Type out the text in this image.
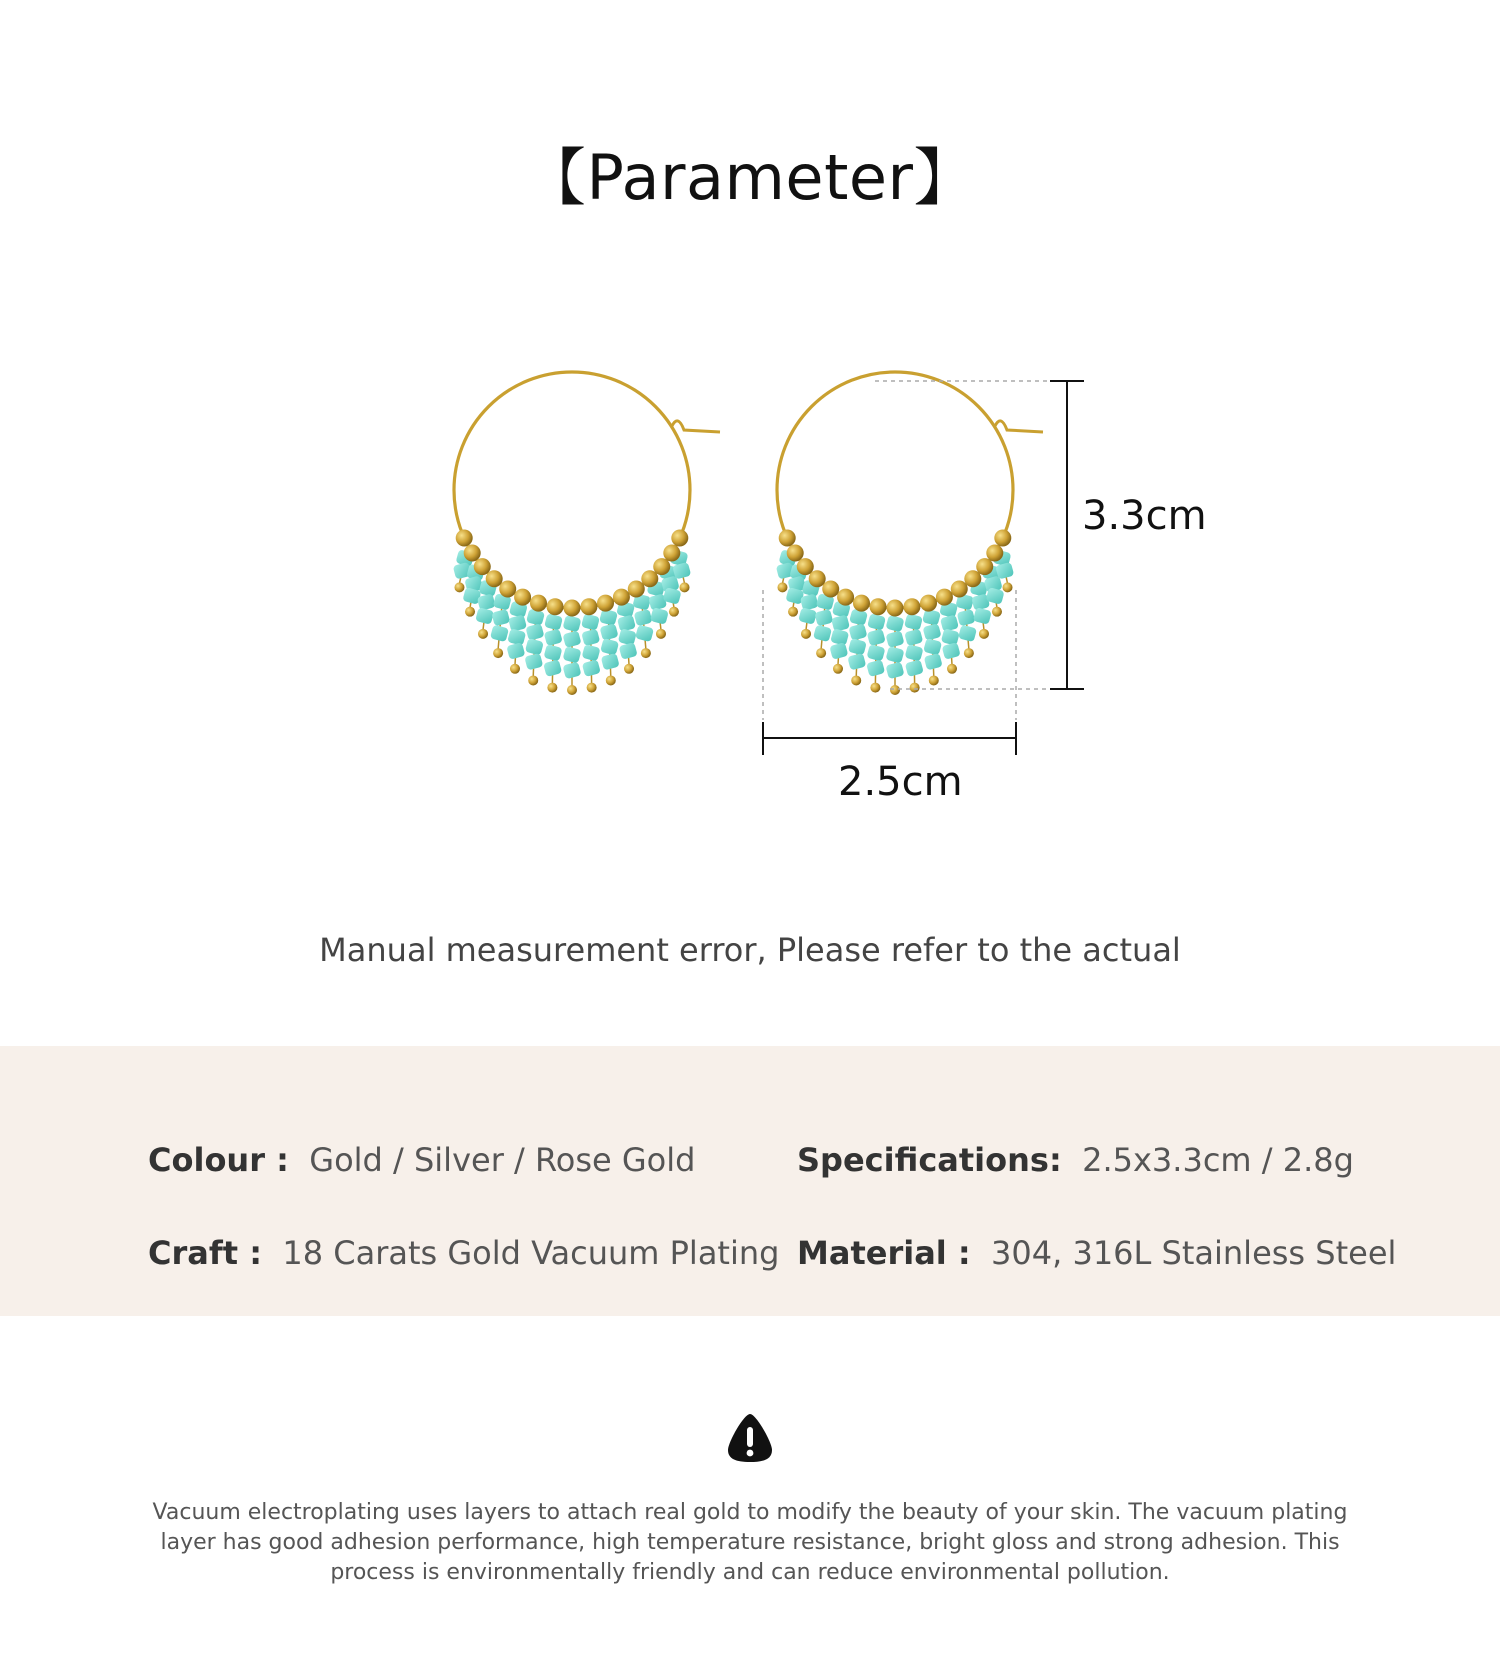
【Parameter】
3.3cm
2.5cm
Manual measurement error, Please refer to the actual
Colour : Gold / Silver / Rose Gold	Specifications: 2.5x3.3cm / 2.8g
Craft : 18 Carats Gold Vacuum Plating Material : 304, 316L Stainless Steel
Vacuum electroplating uses layers to attach real gold to modify the beauty of your skin. The vacuum plating layer has good adhesion performance, high temperature resistance, bright gloss and strong adhesion. This process is environmentally friendly and can reduce environmental pollution.
